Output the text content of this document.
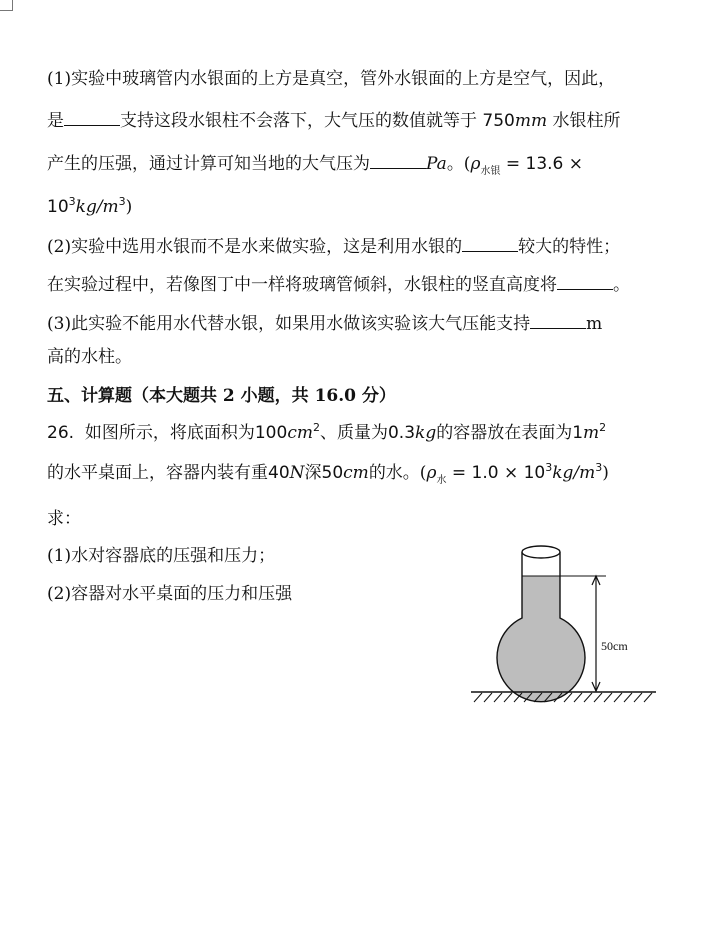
(1)实验中玻璃管内水银面的上方是真空，管外水银面的上方是空气，因此，
是	支持这段水银柱不会落下，大气压的数值就等于 750mm 水银柱所
产生的压强，通过计算可知当地的大气压为	Pa。($\rho_{水银} = 13.6$ ×
$10^3kg/m^3$)
(2)实验中选用水银而不是水来做实验，这是利用水银的	较大的特性；
在实验过程中，若像图丁中一样将玻璃管倾斜，水银柱的竖直高度将	。
(3)此实验不能用水代替水银，如果用水做该实验该大气压能支持	m
高的水柱。
五、计算题（本大题共 2 小题，共 16.0 分）
26. 如图所示，将底面积为$100cm^2$、质量为0.3kg的容器放在表面为$1m^2$
的水平桌面上，容器内装有重40N深50cm的水。$(\rho_水 = 1.0 \times 10^3kg/m^3)$
求：
(1)水对容器底的压强和压力；
(2)容器对水平桌面的压力和压强
50cm
